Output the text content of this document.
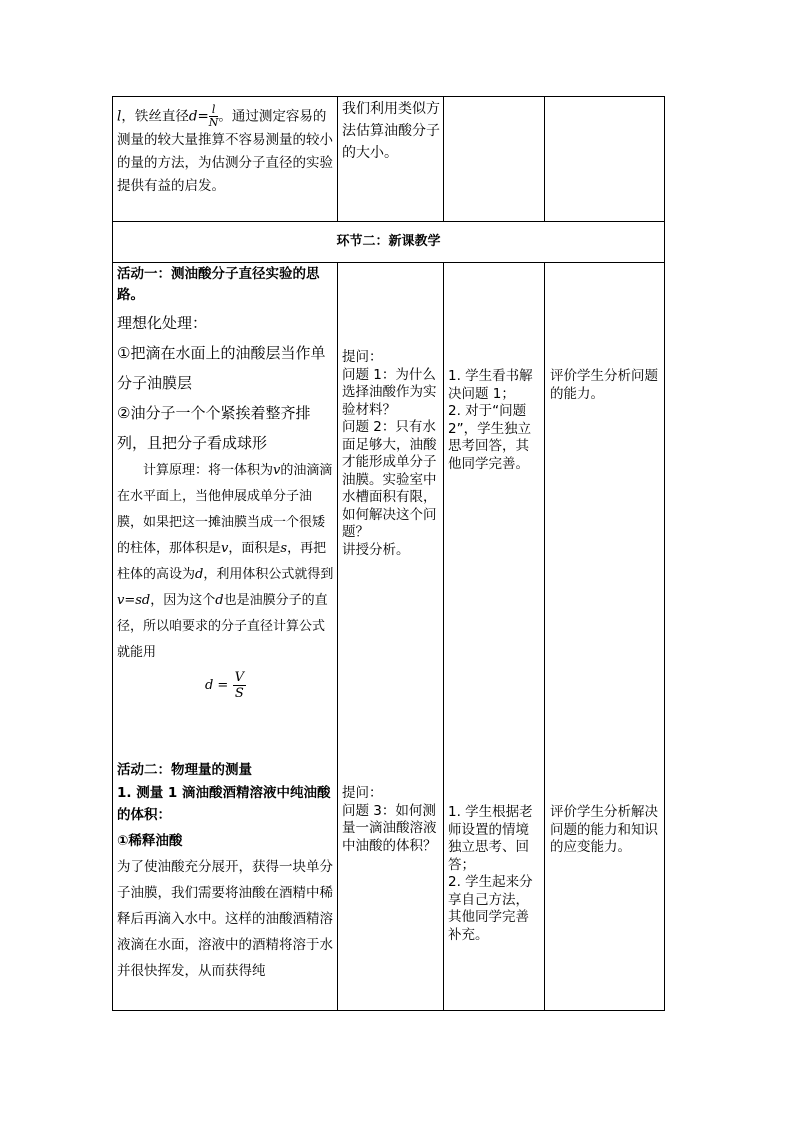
l，铁丝直径$d= \frac{l}{N}$ 。通过测定容易的测量的较大量推算不容易测量的较小的量的方法，为估测分子直径的实验提供有益的启发。
我们利用类似方法估算油酸分子的大小。
环节二：新课教学

活动一：测油酸分子直径实验的思路。

理想化处理：

①把滴在水面上的油酸层当作单分子油膜层

②油分子一个个紧挨着整齐排列，且把分子看成球形

计算原理：将一体积为v的油滴滴在水平面上，当他伸展成单分子油膜，如果把这一摊油膜当成一个很矮的柱体，那体积是v，面积是s，再把柱体的高设为d，利用体积公式就得到v=sd，因为这个d也是油膜分子的直径，所以咱要求的分子直径计算公式就能用

$d = \frac{V}{S}$

提问：

问题 1：为什么选择油酸作为实验材料？

问题 2：只有水面足够大，油酸才能形成单分子油膜。实验室中水槽面积有限，如何解决这个问题？

讲授分析。

1. 学生看书解决问题 1；

2. 对于“问题 2”，学生独立思考回答，其他同学完善。

评价学生分析问题的能力。

活动二：物理量的测量

1. 测量 1 滴油酸酒精溶液中纯油酸的体积：

①稀释油酸

为了使油酸充分展开，获得一块单分子油膜，我们需要将油酸在酒精中稀释后再滴入水中。这样的油酸酒精溶液滴在水面，溶液中的酒精将溶于水并很快挥发，从而获得纯

提问：

问题 3：如何测量一滴油酸溶液中油酸的体积？

1. 学生根据老师设置的情境独立思考、回答；

2. 学生起来分享自己方法，其他同学完善补充。

评价学生分析解决问题的能力和知识的应变能力。
